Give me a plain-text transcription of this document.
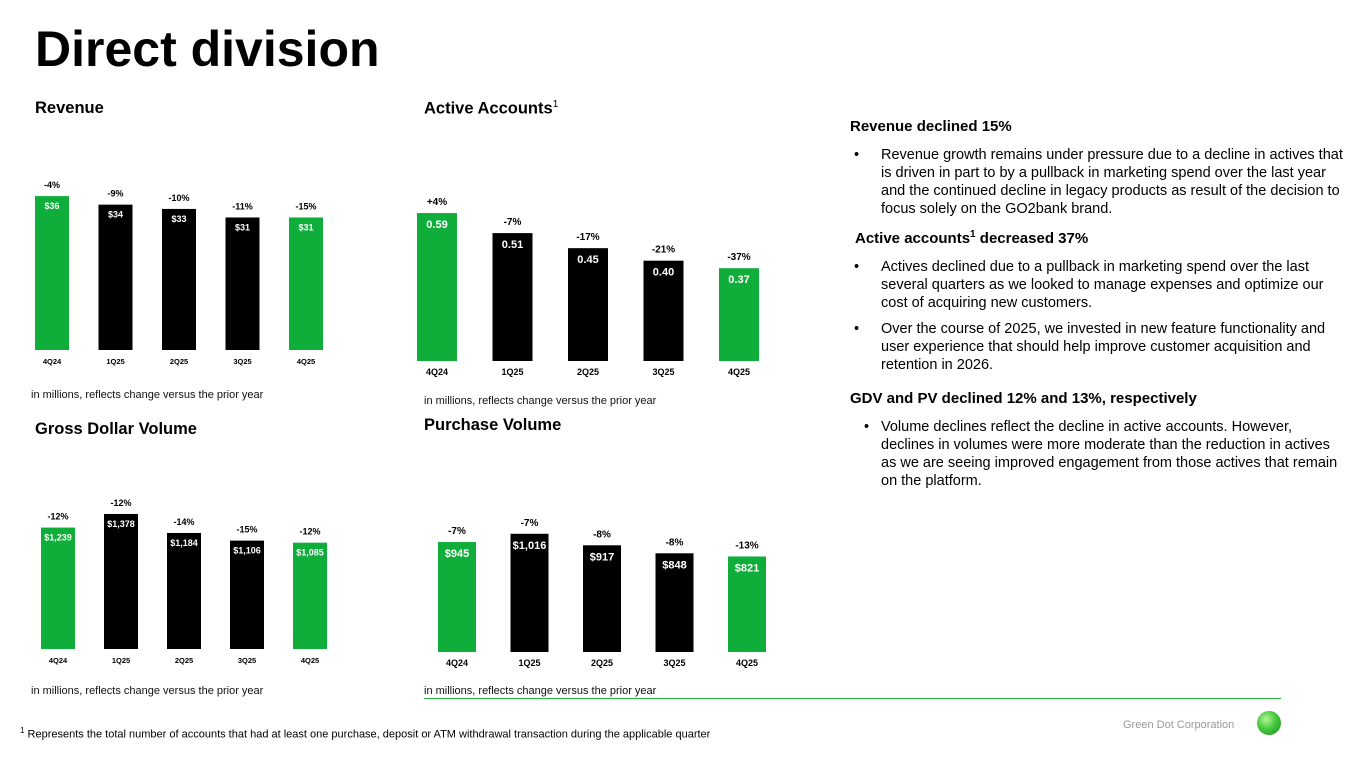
Direct division
Revenue
$36
-4%
4Q24
$34
-9%
1Q25
$33
-10%
2Q25
$31
-11%
3Q25
$31
-15%
4Q25
in millions, reflects change versus the prior year
Active Accounts$^1$
0.59
+4%
4Q24
0.51
-7%
1Q25
0.45
-17%
2Q25
0.40
-21%
3Q25
0.37
-37%
4Q25
in millions, reflects change versus the prior year
Gross Dollar Volume
$1,239
-12%
4Q24
$1,378
-12%
1Q25
$1,184
-14%
2Q25
$1,106
-15%
3Q25
$1,085
-12%
4Q25
in millions, reflects change versus the prior year
Purchase Volume
$945
-7%
4Q24
$1,016
-7%
1Q25
$917
-8%
2Q25
$848
-8%
3Q25
$821
-13%
4Q25
in millions, reflects change versus the prior year
Revenue declined 15%
• Revenue growth remains under pressure due to a decline in actives that is driven in part to by a pullback in marketing spend over the last year and the continued decline in legacy products as result of the decision to focus solely on the GO2bank brand.
Active accounts$^1$ decreased 37%
• Actives declined due to a pullback in marketing spend over the last several quarters as we looked to manage expenses and optimize our cost of acquiring new customers.
• Over the course of 2025, we invested in new feature functionality and user experience that should help improve customer acquisition and retention in 2026.
GDV and PV declined 12% and 13%, respectively
• Volume declines reflect the decline in active accounts. However, declines in volumes were more moderate than the reduction in actives as we are seeing improved engagement from those actives that remain on the platform.
$^1$ Represents the total number of accounts that had at least one purchase, deposit or ATM withdrawal transaction during the applicable quarter
Green Dot Corporation
